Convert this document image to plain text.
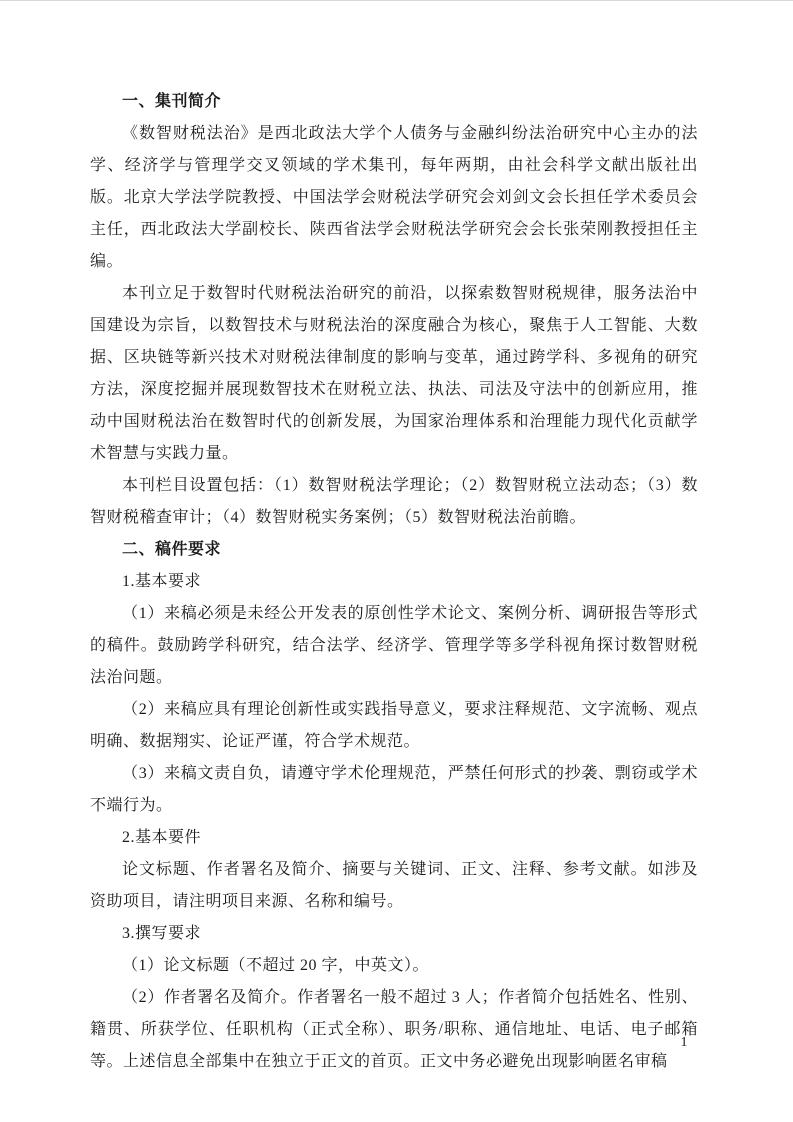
一、集刊简介

《数智财税法治》是西北政法大学个人债务与金融纠纷法治研究中心主办的法学、经济学与管理学交叉领域的学术集刊，每年两期，由社会科学文献出版社出版。北京大学法学院教授、中国法学会财税法学研究会刘剑文会长担任学术委员会主任，西北政法大学副校长、陕西省法学会财税法学研究会会长张荣刚教授担任主编。

本刊立足于数智时代财税法治研究的前沿，以探索数智财税规律，服务法治中国建设为宗旨，以数智技术与财税法治的深度融合为核心，聚焦于人工智能、大数据、区块链等新兴技术对财税法律制度的影响与变革，通过跨学科、多视角的研究方法，深度挖掘并展现数智技术在财税立法、执法、司法及守法中的创新应用，推动中国财税法治在数智时代的创新发展，为国家治理体系和治理能力现代化贡献学术智慧与实践力量。

本刊栏目设置包括：（1）数智财税法学理论；（2）数智财税立法动态；（3）数智财税稽查审计；（4）数智财税实务案例；（5）数智财税法治前瞻。

二、稿件要求

1.基本要求

（1）来稿必须是未经公开发表的原创性学术论文、案例分析、调研报告等形式的稿件。鼓励跨学科研究，结合法学、经济学、管理学等多学科视角探讨数智财税法治问题。

（2）来稿应具有理论创新性或实践指导意义，要求注释规范、文字流畅、观点明确、数据翔实、论证严谨，符合学术规范。

（3）来稿文责自负，请遵守学术伦理规范，严禁任何形式的抄袭、剽窃或学术不端行为。

2.基本要件

论文标题、作者署名及简介、摘要与关键词、正文、注释、参考文献。如涉及资助项目，请注明项目来源、名称和编号。

3.撰写要求

（1）论文标题（不超过 20 字，中英文）。

（2）作者署名及简介。作者署名一般不超过 3 人；作者简介包括姓名、性别、籍贯、所获学位、任职机构（正式全称）、职务/职称、通信地址、电话、电子邮箱等。上述信息全部集中在独立于正文的首页。正文中务必避免出现影响匿名审稿

1
